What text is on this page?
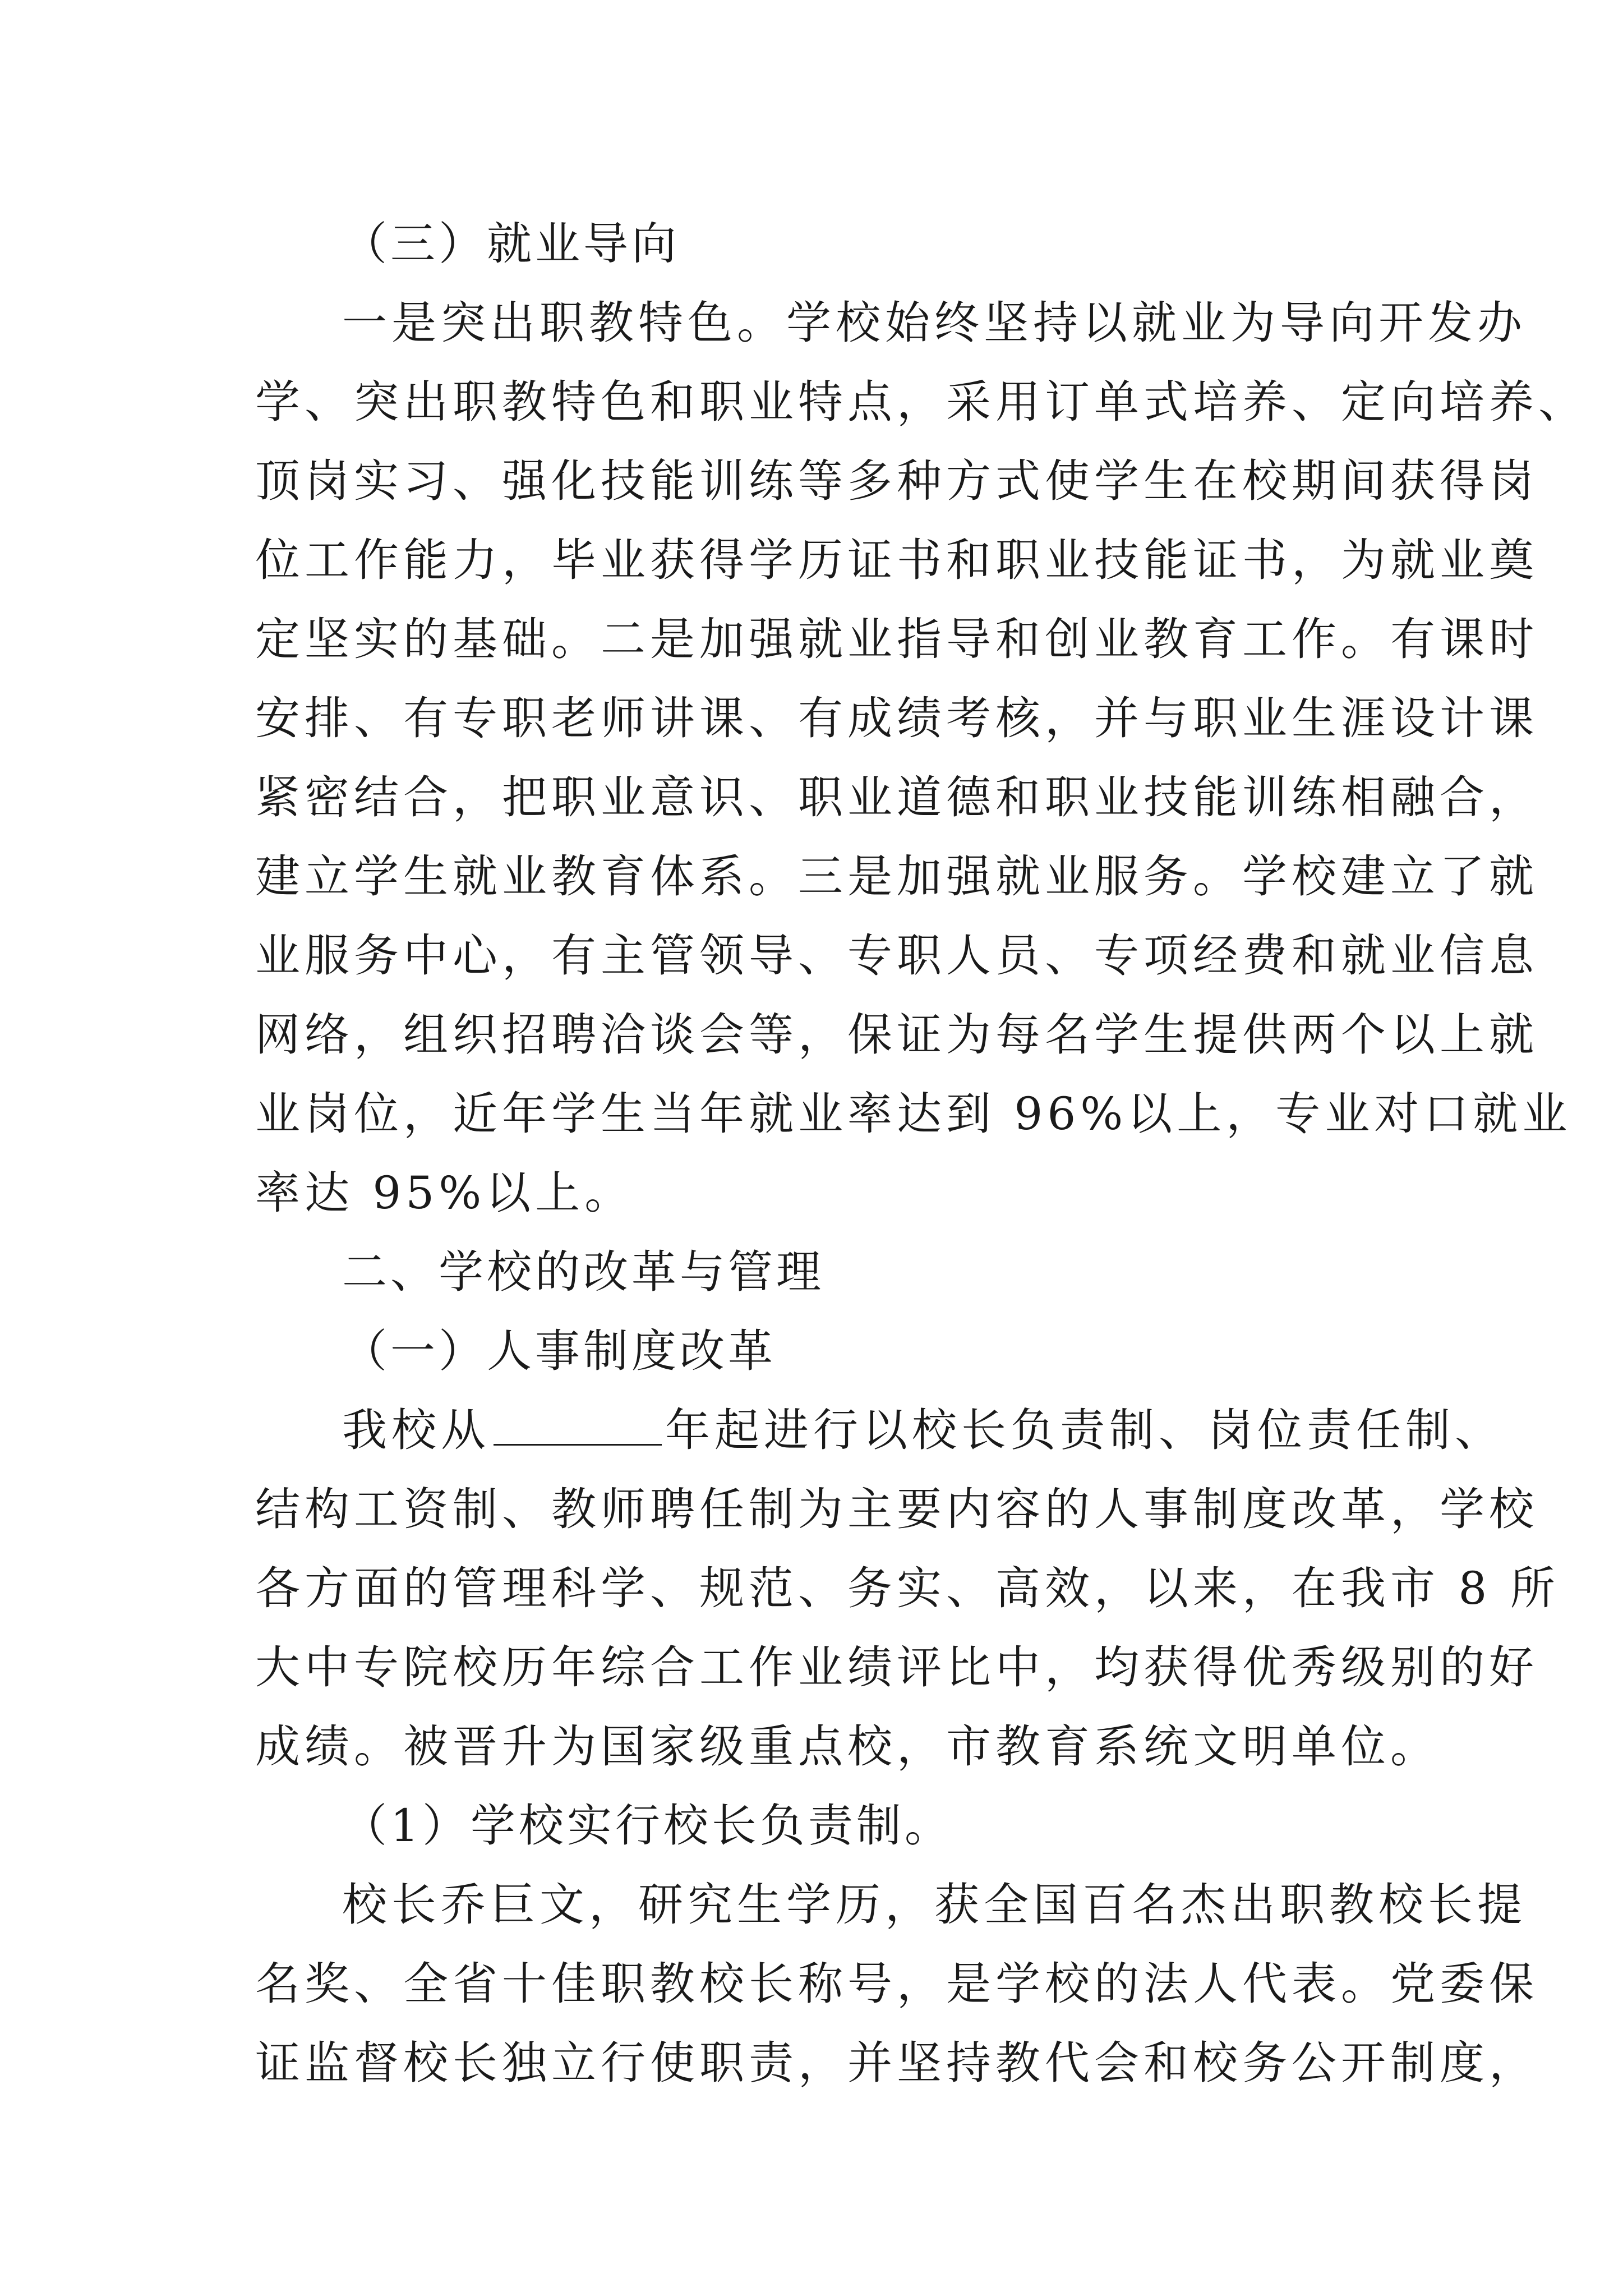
（三）就业导向
一是突出职教特色。学校始终坚持以就业为导向开发办
学、突出职教特色和职业特点，采用订单式培养、定向培养、
顶岗实习、强化技能训练等多种方式使学生在校期间获得岗
位工作能力，毕业获得学历证书和职业技能证书，为就业奠
定坚实的基础。二是加强就业指导和创业教育工作。有课时
安排、有专职老师讲课、有成绩考核，并与职业生涯设计课
紧密结合，把职业意识、职业道德和职业技能训练相融合，
建立学生就业教育体系。三是加强就业服务。学校建立了就
业服务中心，有主管领导、专职人员、专项经费和就业信息
网络，组织招聘洽谈会等，保证为每名学生提供两个以上就
业岗位，近年学生当年就业率达到 96%以上，专业对口就业
率达 95%以上。
二、学校的改革与管理
（一）人事制度改革
我校从	年起进行以校长负责制、岗位责任制、
结构工资制、教师聘任制为主要内容的人事制度改革，学校
各方面的管理科学、规范、务实、高效，以来，在我市 8 所
大中专院校历年综合工作业绩评比中，均获得优秀级别的好
成绩。被晋升为国家级重点校，市教育系统文明单位。
（1）学校实行校长负责制。
校长乔巨文，研究生学历，获全国百名杰出职教校长提
名奖、全省十佳职教校长称号，是学校的法人代表。党委保
证监督校长独立行使职责，并坚持教代会和校务公开制度，
